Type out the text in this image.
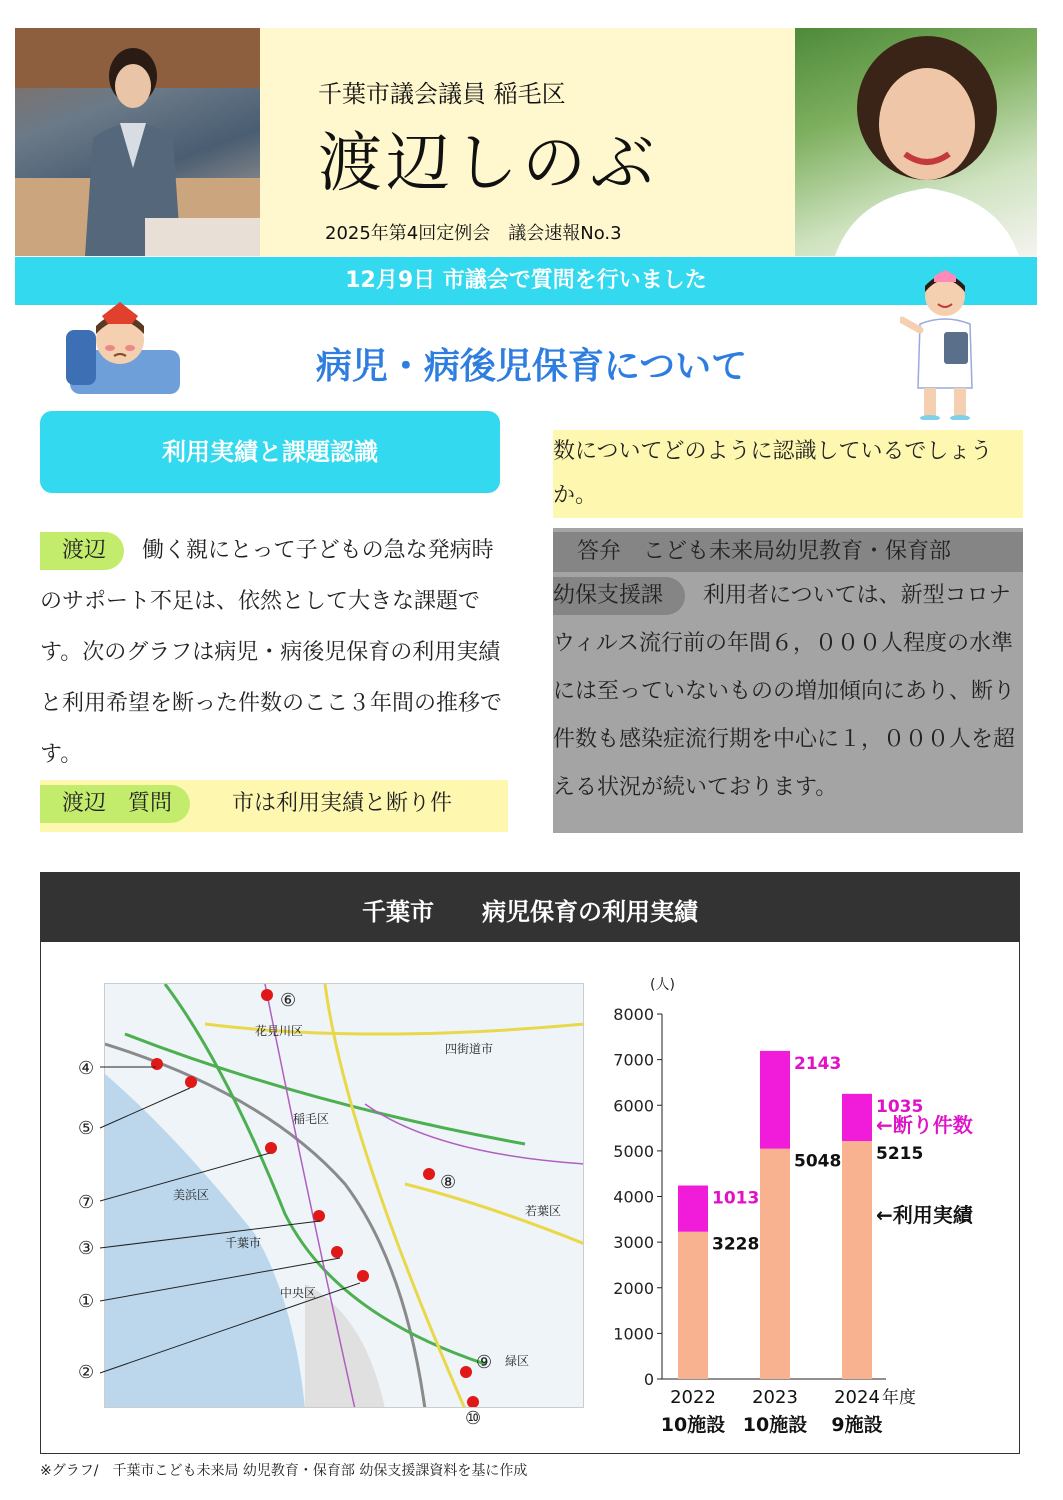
千葉市議会議員 稲毛区
渡辺しのぶ
2025年第4回定例会　議会速報No.3
12月9日 市議会で質問を行いました
病児・病後児保育について
利用実績と課題認識
渡辺 働く親にとって子どもの急な発病時のサポート不足は、依然として大きな課題です。次のグラフは病児・病後児保育の利用実績と利用希望を断った件数のここ３年間の推移です。
渡辺　質問	市は利用実績と断り件
数についてどのように認識しているでしょうか。
答弁　こども未来局幼児教育・保育部
幼保支援課 利用者については、新型コロナウィルス流行前の年間６，０００人程度の水準には至っていないものの増加傾向にあり、断り件数も感染症流行期を中心に１，０００人を超える状況が続いております。
千葉市　　病児保育の利用実績
花見川区
稲毛区
美浜区
中央区
若葉区
緑区
千葉市
四街道市
④
⑤
⑦
③
①
②
⑥
⑧
⑨
⑩
(人)
0
1000
2000
3000
4000
5000
6000
7000
8000
3228
1013
2022
10施設
5048
2143
2023
10施設
5215
1035
2024
9施設
年度
←断り件数
←利用実績
※グラフ/　千葉市こども未来局 幼児教育・保育部 幼保支援課資料を基に作成
